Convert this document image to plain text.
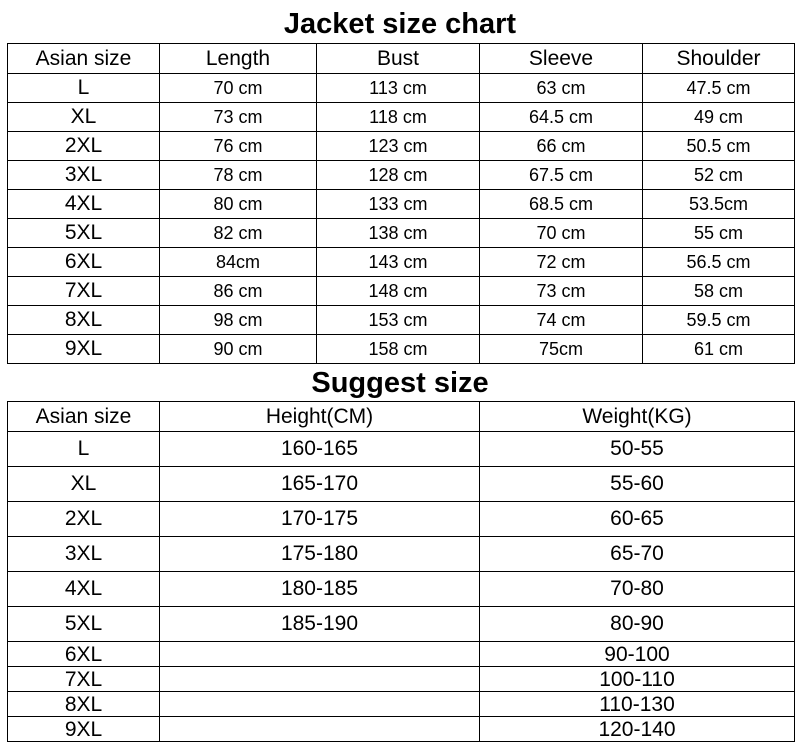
Jacket size chart
Asian size	Length	Bust	Sleeve	Shoulder
L	70 cm	113 cm	63 cm	47.5 cm
XL	73 cm	118 cm	64.5 cm	49 cm
2XL	76 cm	123 cm	66 cm	50.5 cm
3XL	78 cm	128 cm	67.5 cm	52 cm
4XL	80 cm	133 cm	68.5 cm	53.5cm
5XL	82 cm	138 cm	70 cm	55 cm
6XL	84cm	143 cm	72 cm	56.5 cm
7XL	86 cm	148 cm	73 cm	58 cm
8XL	98 cm	153 cm	74 cm	59.5 cm
9XL	90 cm	158 cm	75cm	61 cm
Suggest size
Asian size	Height(CM)	Weight(KG)
L	160-165	50-55
XL	165-170	55-60
2XL	170-175	60-65
3XL	175-180	65-70
4XL	180-185	70-80
5XL	185-190	80-90
6XL		90-100
7XL		100-110
8XL		110-130
9XL		120-140
